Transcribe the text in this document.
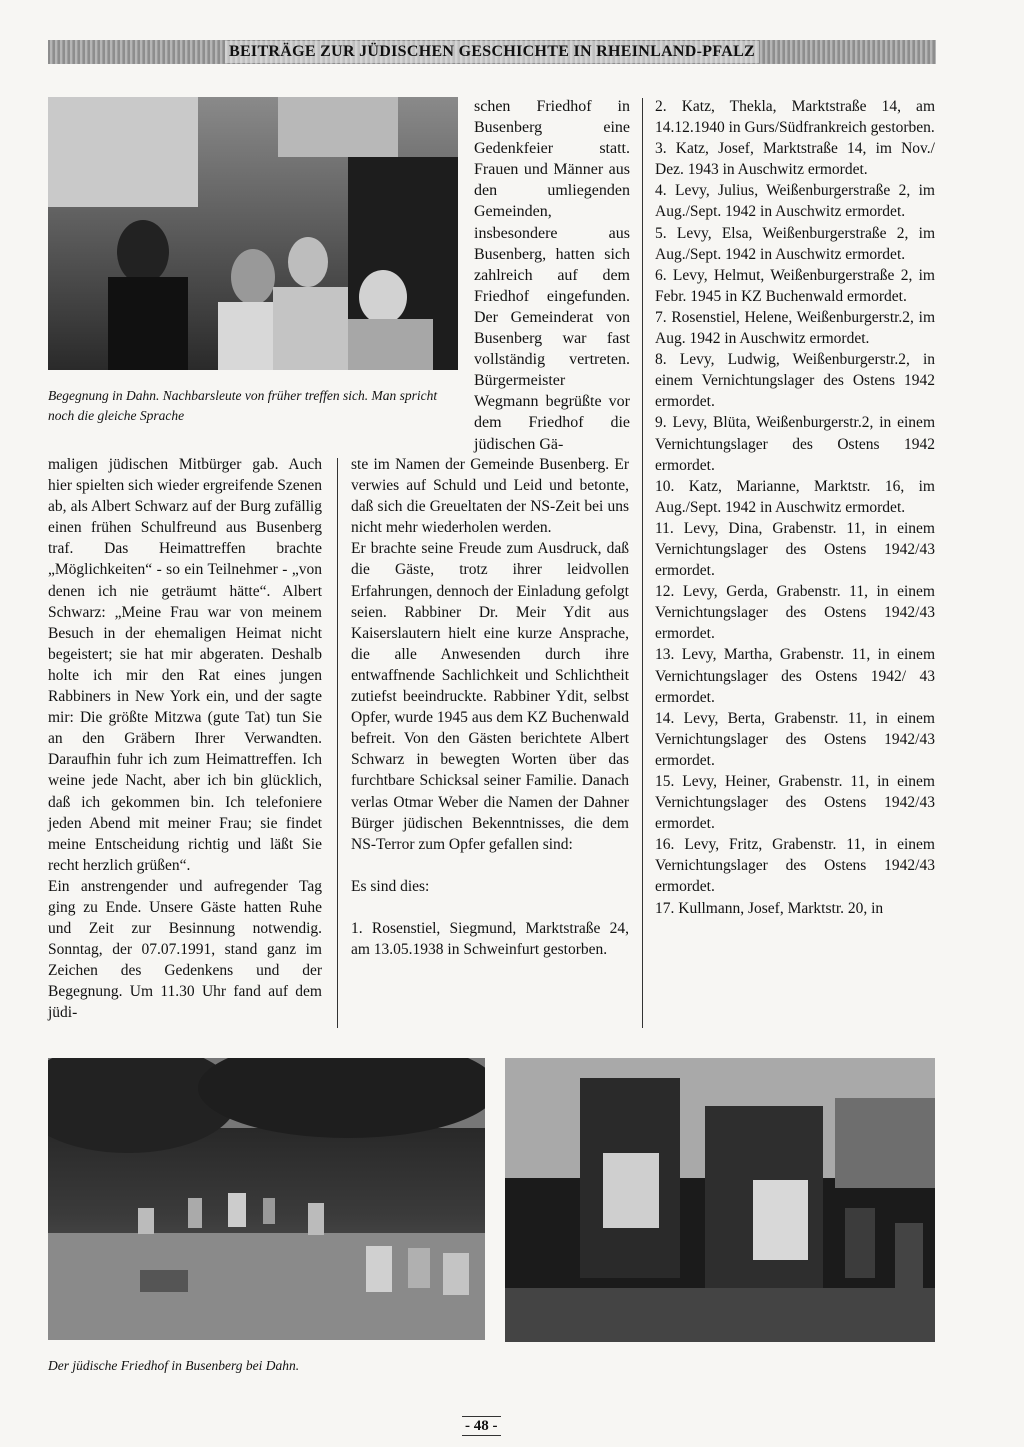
BEITRÄGE ZUR JÜDISCHEN GESCHICHTE IN RHEINLAND-PFALZ
Begegnung in Dahn. Nachbarsleute von früher treffen sich. Man spricht noch die gleiche Sprache
schen Friedhof in Busenberg eine Gedenkfeier statt. Frauen und Männer aus den umliegenden Gemeinden, insbesondere aus Busenberg, hatten sich zahlreich auf dem Friedhof eingefunden. Der Gemeinderat von Busenberg war fast vollständig vertreten. Bürgermeister Wegmann begrüßte vor dem Friedhof die jüdischen Gä-

maligen jüdischen Mitbürger gab. Auch hier spielten sich wieder ergreifende Szenen ab, als Albert Schwarz auf der Burg zufällig einen frühen Schulfreund aus Busenberg traf. Das Heimattreffen brachte „Möglichkeiten“ - so ein Teilnehmer - „von denen ich nie geträumt hätte“. Albert Schwarz: „Meine Frau war von meinem Besuch in der ehemaligen Heimat nicht begeistert; sie hat mir abgeraten. Deshalb holte ich mir den Rat eines jungen Rabbiners in New York ein, und der sagte mir: Die größte Mitzwa (gute Tat) tun Sie an den Gräbern Ihrer Verwandten. Daraufhin fuhr ich zum Heimattreffen. Ich weine jede Nacht, aber ich bin glücklich, daß ich gekommen bin. Ich telefoniere jeden Abend mit meiner Frau; sie findet meine Entscheidung richtig und läßt Sie recht herzlich grüßen“.

Ein anstrengender und aufregender Tag ging zu Ende. Unsere Gäste hatten Ruhe und Zeit zur Besinnung notwendig. Sonntag, der 07.07.1991, stand ganz im Zeichen des Gedenkens und der Begegnung. Um 11.30 Uhr fand auf dem jüdi-

ste im Namen der Gemeinde Busenberg. Er verwies auf Schuld und Leid und betonte, daß sich die Greueltaten der NS-Zeit bei uns nicht mehr wiederholen werden.

Er brachte seine Freude zum Ausdruck, daß die Gäste, trotz ihrer leidvollen Erfahrungen, dennoch der Einladung gefolgt seien. Rabbiner Dr. Meir Ydit aus Kaiserslautern hielt eine kurze Ansprache, die alle Anwesenden durch ihre entwaffnende Sachlichkeit und Schlichtheit zutiefst beeindruckte. Rabbiner Ydit, selbst Opfer, wurde 1945 aus dem KZ Buchenwald befreit. Von den Gästen berichtete Albert Schwarz in bewegten Worten über das furchtbare Schicksal seiner Familie. Danach verlas Otmar Weber die Namen der Dahner Bürger jüdischen Bekenntnisses, die dem NS-Terror zum Opfer gefallen sind:

Es sind dies:

1. Rosenstiel, Siegmund, Marktstraße 24, am 13.05.1938 in Schweinfurt gestorben.

2. Katz, Thekla, Marktstraße 14, am 14.12.1940 in Gurs/Südfrankreich gestorben.

3. Katz, Josef, Marktstraße 14, im Nov./ Dez. 1943 in Auschwitz ermordet.

4. Levy, Julius, Weißenburgerstraße 2, im Aug./Sept. 1942 in Auschwitz ermordet.

5. Levy, Elsa, Weißenburgerstraße 2, im Aug./Sept. 1942 in Auschwitz ermordet.

6. Levy, Helmut, Weißenburgerstraße 2, im Febr. 1945 in KZ Buchenwald ermordet.

7. Rosenstiel, Helene, Weißenburgerstr.2, im Aug. 1942 in Auschwitz ermordet.

8. Levy, Ludwig, Weißenburgerstr.2, in einem Vernichtungslager des Ostens 1942 ermordet.

9. Levy, Blüta, Weißenburgerstr.2, in einem Vernichtungslager des Ostens 1942 ermordet.

10. Katz, Marianne, Marktstr. 16, im Aug./Sept. 1942 in Auschwitz ermordet.

11. Levy, Dina, Grabenstr. 11, in einem Vernichtungslager des Ostens 1942/43 ermordet.

12. Levy, Gerda, Grabenstr. 11, in einem Vernichtungslager des Ostens 1942/43 ermordet.

13. Levy, Martha, Grabenstr. 11, in einem Vernichtungslager des Ostens 1942/ 43 ermordet.

14. Levy, Berta, Grabenstr. 11, in einem Vernichtungslager des Ostens 1942/43 ermordet.

15. Levy, Heiner, Grabenstr. 11, in einem Vernichtungslager des Ostens 1942/43 ermordet.

16. Levy, Fritz, Grabenstr. 11, in einem Vernichtungslager des Ostens 1942/43 ermordet.

17. Kullmann, Josef, Marktstr. 20, in

Der jüdische Friedhof in Busenberg bei Dahn.
- 48 -
